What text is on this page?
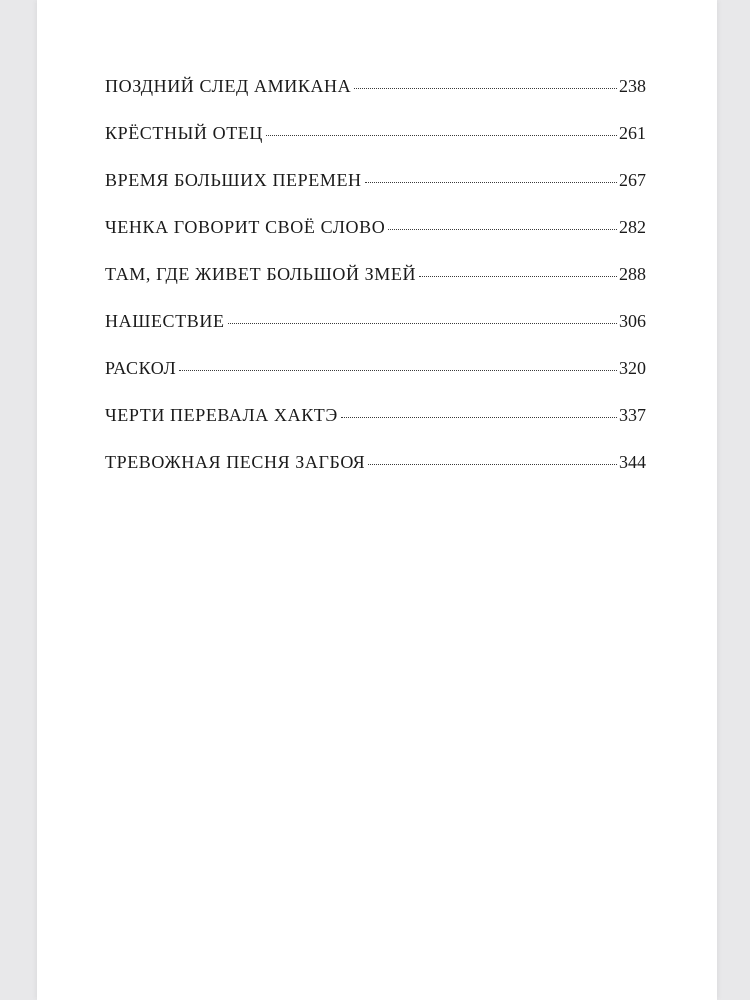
ПОЗДНИЙ СЛЕД АМИКАНА	238
КРЁСТНЫЙ ОТЕЦ	261
ВРЕМЯ БОЛЬШИХ ПЕРЕМЕН	267
ЧЕНКА ГОВОРИТ СВОЁ СЛОВО	282
ТАМ, ГДЕ ЖИВЕТ БОЛЬШОЙ ЗМЕЙ	288
НАШЕСТВИЕ	306
РАСКОЛ	320
ЧЕРТИ ПЕРЕВАЛА ХАКТЭ	337
ТРЕВОЖНАЯ ПЕСНЯ ЗАГБОЯ	344
